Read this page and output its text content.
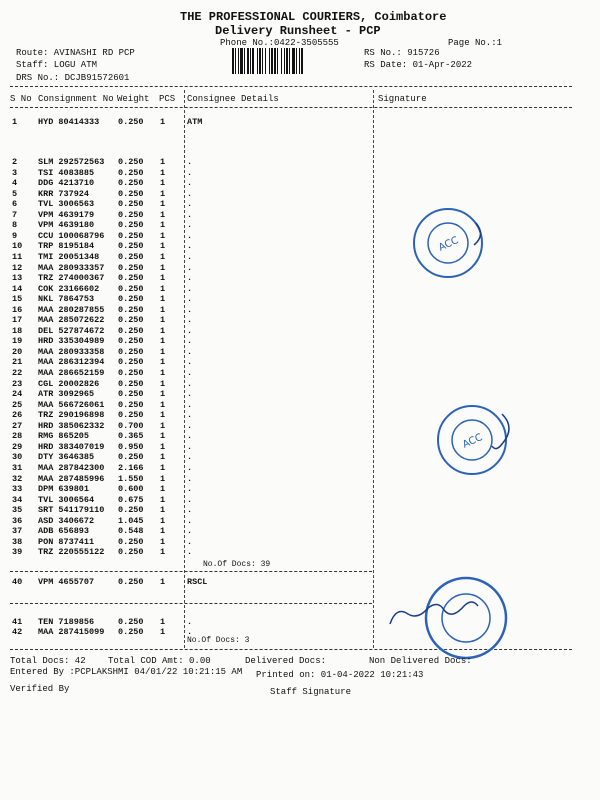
THE PROFESSIONAL COURIERS, Coimbatore
Delivery Runsheet - PCP
Phone No.:0422-3505555	Page No.:1
Route: AVINASHI RD PCP
Staff: LOGU ATM
DRS No.: DCJB91572601
RS No.: 915726
RS Date: 01-Apr-2022
S No Consignment No Weight PCS Consignee Details	Signature
1 HYD 80414333 0.250 1	ATM
2 SLM 292572563 0.250 1	.
3 TSI 4083885	0.250 1	.
4 DDG 4213710	0.250 1	.
5 KRR 737924	0.250 1	.
6 TVL 3006563	0.250 1	.
7 VPM 4639179	0.250 1	.
8 VPM 4639180	0.250 1	.
9 CCU 100068796 0.250 1	.
10 TRP 8195184	0.250 1	.
11 TMI 20051348 0.250 1	.
12 MAA 280933357 0.250 1	.
13 TRZ 274000367 0.250 1	.
14 COK 23166602 0.250 1	.
15 NKL 7864753	0.250 1	.
16 MAA 280287855 0.250 1	.
17 MAA 285072622 0.250 1	.
18 DEL 527874672 0.250 1	.
19 HRD 335304989 0.250 1	.
20 MAA 280933358 0.250 1	.
21 MAA 286312394 0.250 1	.
22 MAA 286652159 0.250 1	.
23 CGL 20002826 0.250 1	.
24 ATR 3092965	0.250 1	.
25 MAA 566726061 0.250 1	.
26 TRZ 290196898 0.250 1	.
27 HRD 385062332 0.700 1	.
28 RMG 865205	0.365 1	.
29 HRD 383407019 0.950 1	.
30 DTY 3646385	0.250 1	.
31 MAA 287842300 2.166 1	.
32 MAA 287485996 1.550 1	.
33 DPM 639801	0.600 1	.
34 TVL 3006564	0.675 1	.
35 SRT 541179110 0.250 1	.
36 ASD 3406672	1.045 1	.
37 ADB 656893	0.548 1	.
38 PON 8737411	0.250 1	.
39 TRZ 220555122 0.250 1	.
40 VPM 4655707	0.250 1	RSCL
41 TEN 7189856	0.250 1	.
42 MAA 287415099 0.250 1	.
No.Of Docs: 39
No.Of Docs: 3
ACC
ACC
Total Docs: 42 Total COD Amt: 0.00	Delivered Docs:	Non Delivered Docs:
Entered By :PCPLAKSHMI 04/01/22 10:21:15 AM Printed on: 01-04-2022 10:21:43
Verified By	Staff Signature
